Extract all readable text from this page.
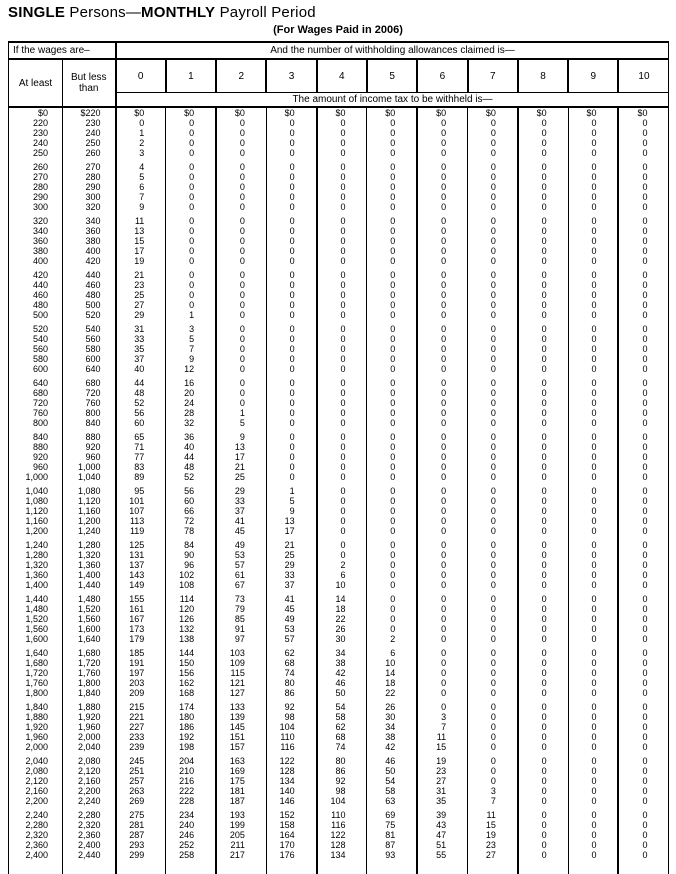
SINGLE Persons—MONTHLY Payroll Period
(For Wages Paid in 2006)
If the wages are–		And the number of withholding allowances claimed is—										
At least	But less than	0	1	2	3	4	5	6	7	8	9	10
		The amount of income tax to be withheld is—										
$0	$220	$0	$0	$0	$0	$0	$0	$0	$0	$0	$0	$0
220	230	0	0	0	0	0	0	0	0	0	0	0
230	240	1	0	0	0	0	0	0	0	0	0	0
240	250	2	0	0	0	0	0	0	0	0	0	0
250	260	3	0	0	0	0	0	0	0	0	0	0

260	270	4	0	0	0	0	0	0	0	0	0	0
270	280	5	0	0	0	0	0	0	0	0	0	0
280	290	6	0	0	0	0	0	0	0	0	0	0
290	300	7	0	0	0	0	0	0	0	0	0	0
300	320	9	0	0	0	0	0	0	0	0	0	0

320	340	11	0	0	0	0	0	0	0	0	0	0
340	360	13	0	0	0	0	0	0	0	0	0	0
360	380	15	0	0	0	0	0	0	0	0	0	0
380	400	17	0	0	0	0	0	0	0	0	0	0
400	420	19	0	0	0	0	0	0	0	0	0	0

420	440	21	0	0	0	0	0	0	0	0	0	0
440	460	23	0	0	0	0	0	0	0	0	0	0
460	480	25	0	0	0	0	0	0	0	0	0	0
480	500	27	0	0	0	0	0	0	0	0	0	0
500	520	29	1	0	0	0	0	0	0	0	0	0

520	540	31	3	0	0	0	0	0	0	0	0	0
540	560	33	5	0	0	0	0	0	0	0	0	0
560	580	35	7	0	0	0	0	0	0	0	0	0
580	600	37	9	0	0	0	0	0	0	0	0	0
600	640	40	12	0	0	0	0	0	0	0	0	0

640	680	44	16	0	0	0	0	0	0	0	0	0
680	720	48	20	0	0	0	0	0	0	0	0	0
720	760	52	24	0	0	0	0	0	0	0	0	0
760	800	56	28	1	0	0	0	0	0	0	0	0
800	840	60	32	5	0	0	0	0	0	0	0	0

840	880	65	36	9	0	0	0	0	0	0	0	0
880	920	71	40	13	0	0	0	0	0	0	0	0
920	960	77	44	17	0	0	0	0	0	0	0	0
960	1,000	83	48	21	0	0	0	0	0	0	0	0
1,000	1,040	89	52	25	0	0	0	0	0	0	0	0

1,040	1,080	95	56	29	1	0	0	0	0	0	0	0
1,080	1,120	101	60	33	5	0	0	0	0	0	0	0
1,120	1,160	107	66	37	9	0	0	0	0	0	0	0
1,160	1,200	113	72	41	13	0	0	0	0	0	0	0
1,200	1,240	119	78	45	17	0	0	0	0	0	0	0

1,240	1,280	125	84	49	21	0	0	0	0	0	0	0
1,280	1,320	131	90	53	25	0	0	0	0	0	0	0
1,320	1,360	137	96	57	29	2	0	0	0	0	0	0
1,360	1,400	143	102	61	33	6	0	0	0	0	0	0
1,400	1,440	149	108	67	37	10	0	0	0	0	0	0

1,440	1,480	155	114	73	41	14	0	0	0	0	0	0
1,480	1,520	161	120	79	45	18	0	0	0	0	0	0
1,520	1,560	167	126	85	49	22	0	0	0	0	0	0
1,560	1,600	173	132	91	53	26	0	0	0	0	0	0
1,600	1,640	179	138	97	57	30	2	0	0	0	0	0

1,640	1,680	185	144	103	62	34	6	0	0	0	0	0
1,680	1,720	191	150	109	68	38	10	0	0	0	0	0
1,720	1,760	197	156	115	74	42	14	0	0	0	0	0
1,760	1,800	203	162	121	80	46	18	0	0	0	0	0
1,800	1,840	209	168	127	86	50	22	0	0	0	0	0

1,840	1,880	215	174	133	92	54	26	0	0	0	0	0
1,880	1,920	221	180	139	98	58	30	3	0	0	0	0
1,920	1,960	227	186	145	104	62	34	7	0	0	0	0
1,960	2,000	233	192	151	110	68	38	11	0	0	0	0
2,000	2,040	239	198	157	116	74	42	15	0	0	0	0

2,040	2,080	245	204	163	122	80	46	19	0	0	0	0
2,080	2,120	251	210	169	128	86	50	23	0	0	0	0
2,120	2,160	257	216	175	134	92	54	27	0	0	0	0
2,160	2,200	263	222	181	140	98	58	31	3	0	0	0
2,200	2,240	269	228	187	146	104	63	35	7	0	0	0

2,240	2,280	275	234	193	152	110	69	39	11	0	0	0
2,280	2,320	281	240	199	158	116	75	43	15	0	0	0
2,320	2,360	287	246	205	164	122	81	47	19	0	0	0
2,360	2,400	293	252	211	170	128	87	51	23	0	0	0
2,400	2,440	299	258	217	176	134	93	55	27	0	0	0
